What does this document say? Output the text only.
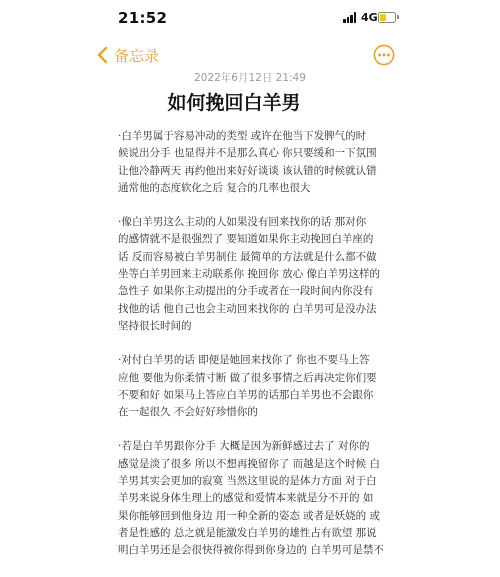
21:52	4G
备忘录
2022年6月12日 21:49
如何挽回白羊男

·白羊男属于容易冲动的类型 或许在他当下发脾气的时
候说出分手 也显得并不是那么真心 你只要缓和一下氛围
让他冷静两天 再约他出来好好谈谈 该认错的时候就认错
通常他的态度软化之后 复合的几率也很大

·像白羊男这么主动的人如果没有回来找你的话 那对你
的感情就不是很强烈了 要知道如果你主动挽回白羊座的
话 反而容易被白羊男制住 最简单的方法就是什么都不做
坐等白羊男回来主动联系你 挽回你 放心 像白羊男这样的
急性子 如果你主动提出的分手或者在一段时间内你没有
找他的话 他自己也会主动回来找你的 白羊男可是没办法
坚持很长时间的

·对付白羊男的话 即便是她回来找你了 你也不要马上答
应他 要他为你柔情寸断 做了很多事情之后再决定你们要
不要和好 如果马上答应白羊男的话那白羊男也不会跟你
在一起很久 不会好好珍惜你的

·若是白羊男跟你分手 大概是因为新鲜感过去了 对你的
感觉是淡了很多 所以不想再挽留你了 而越是这个时候 白
羊男其实会更加的寂寞 当然这里说的是体力方面 对于白
羊男来说身体生理上的感觉和爱情本来就是分不开的 如
果你能够回到他身边 用一种全新的姿态 或者是妖娆的 或
者是性感的 总之就是能激发白羊男的雄性占有欲望 那说
明白羊男还是会很快得被你得到你身边的 白羊男可是禁不
